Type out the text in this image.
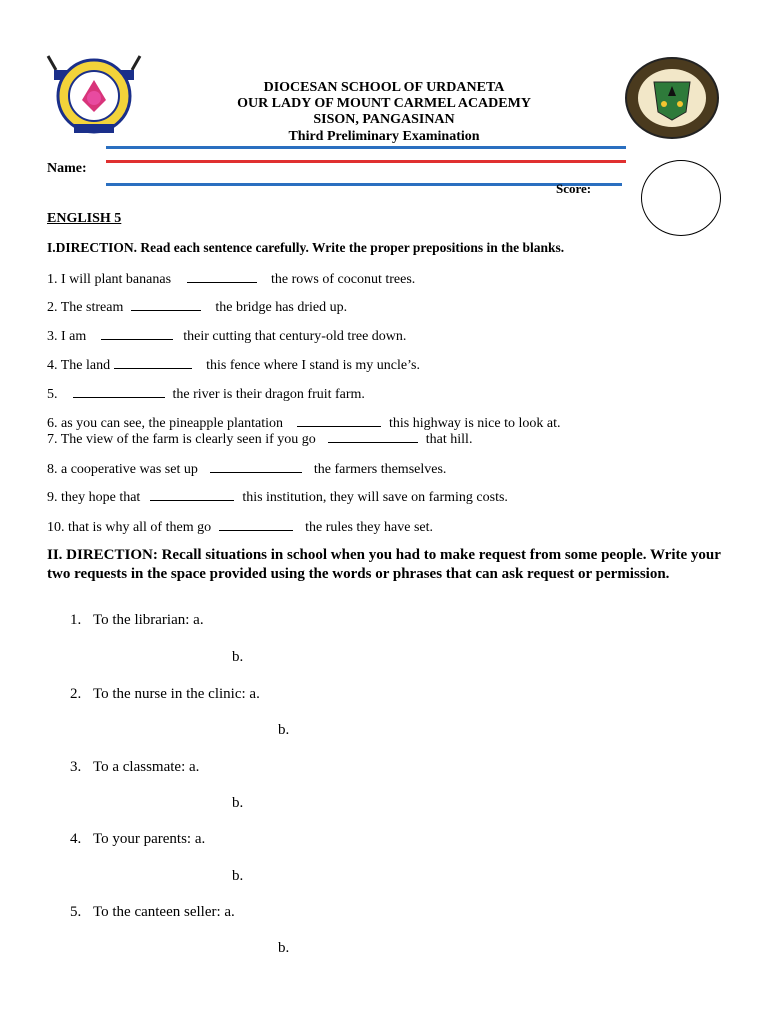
DIOCESAN SCHOOL OF URDANETA
OUR LADY OF MOUNT CARMEL ACADEMY
SISON, PANGASINAN
Third Preliminary Examination
Name:
Score:
ENGLISH 5
I.DIRECTION. Read each sentence carefully. Write the proper prepositions in the blanks.
1. I will plant bananas	the rows of coconut trees.
2. The stream	the bridge has dried up.
3. I am	their cutting that century-old tree down.
4. The land	this fence where I stand is my uncle’s.
5.	the river is their dragon fruit farm.
6. as you can see, the pineapple plantation	this highway is nice to look at.
7. The view of the farm is clearly seen if you go	that hill.
8. a cooperative was set up	the farmers themselves.
9. they hope that	this institution, they will save on farming costs.
10. that is why all of them go	the rules they have set.
II. DIRECTION: Recall situations in school when you had to make request from some people. Write your two requests in the space provided using the words or phrases that can ask request or permission.
1. To the librarian: a.
b.
2. To the nurse in the clinic: a.
b.
3. To a classmate: a.
b.
4. To your parents: a.
b.
5. To the canteen seller: a.
b.
